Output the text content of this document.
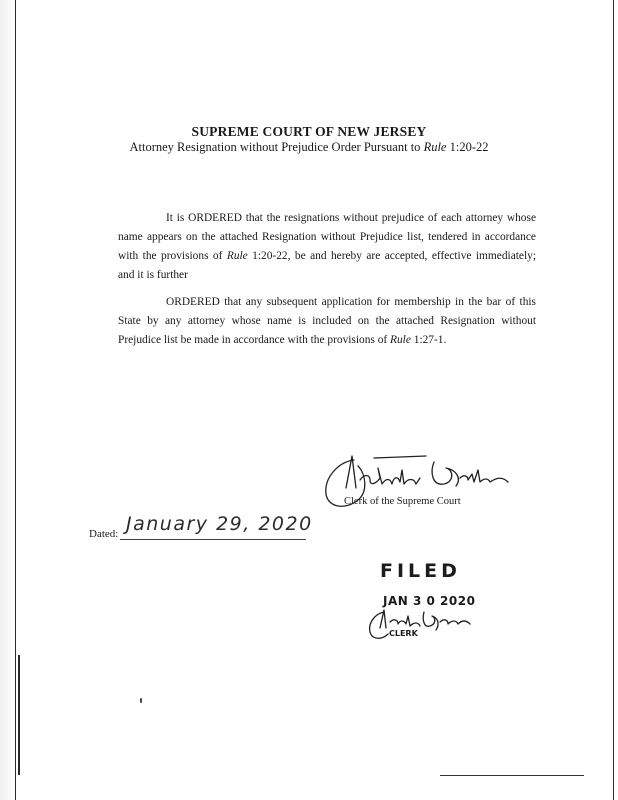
SUPREME COURT OF NEW JERSEY
Attorney Resignation without Prejudice Order Pursuant to Rule 1:20-22

It is ORDERED that the resignations without prejudice of each attorney whose name appears on the attached Resignation without Prejudice list, tendered in accordance with the provisions of Rule 1:20-22, be and hereby are accepted, effective immediately; and it is further

ORDERED that any subsequent application for membership in the bar of this State by any attorney whose name is included on the attached Resignation without Prejudice list be made in accordance with the provisions of Rule 1:27-1.

Clerk of the Supreme Court
Dated: January 29, 2020
FILED
JAN 3 0 2020
CLERK
